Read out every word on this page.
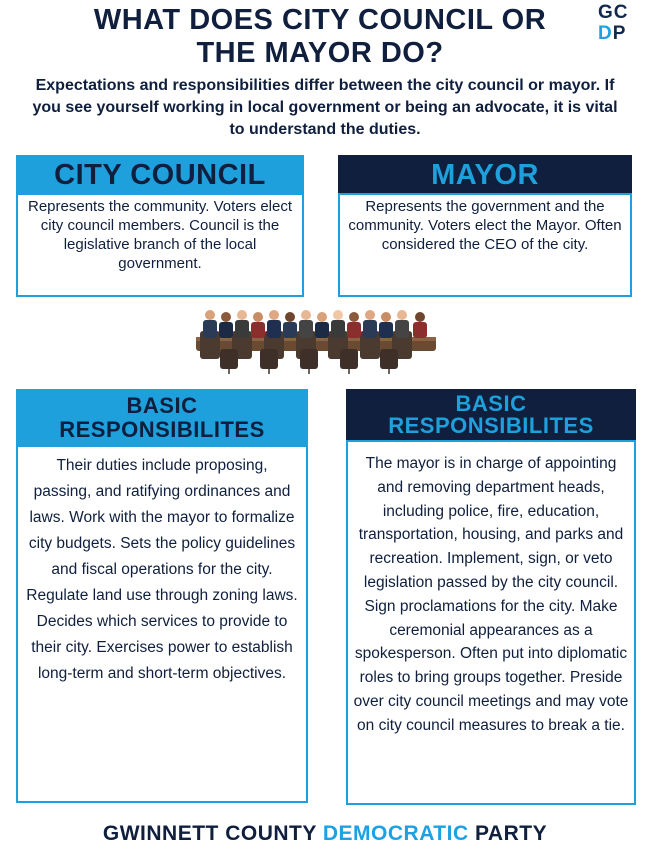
WHAT DOES CITY COUNCIL OR
THE MAYOR DO?
GC
DP
Expectations and responsibilities differ between the city council or mayor. If you see yourself working in local government or being an advocate, it is vital to understand the duties.
CITY COUNCIL
Represents the community. Voters elect city council members. Council is the legislative branch of the local government.
MAYOR
Represents the government and the community. Voters elect the Mayor. Often considered the CEO of the city.
BASIC
RESPONSIBILITES
Their duties include proposing, passing, and ratifying ordinances and laws. Work with the mayor to formalize city budgets. Sets the policy guidelines and fiscal operations for the city. Regulate land use through zoning laws. Decides which services to provide to their city. Exercises power to establish long-term and short-term objectives.
BASIC
RESPONSIBILITES
The mayor is in charge of appointing and removing department heads, including police, fire, education, transportation, housing, and parks and recreation. Implement, sign, or veto legislation passed by the city council. Sign proclamations for the city. Make ceremonial appearances as a spokesperson. Often put into diplomatic roles to bring groups together. Preside over city council meetings and may vote on city council measures to break a tie.
GWINNETT COUNTY DEMOCRATIC PARTY
